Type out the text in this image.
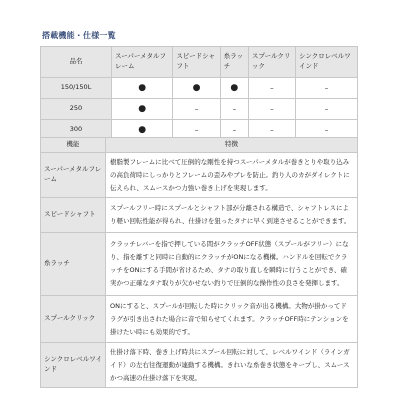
搭載機能・仕様一覧
品名	スーパーメタルフレーム	スピードシャフト	糸ラッチ	スプールクリック	シンクロレベルワインド
150/150L	●	●	●	–	–
250	●	–	–	–	–
300	●	–	–	–	–
機能	特徴
スーパーメタルフレーム	樹脂製フレームに比べて圧倒的な剛性を持つスーパーメタルが巻きとりや取り込みの高負荷時にしっかりとフレームの歪みやブレを防止。釣り人のカがダイレクトに伝えられ、スムースかつ力強い巻き上げを実現します。
スピードシャフト	スプールフリー時にスプールとシャフト部が分離される構造で、シャフトレスにより軽い回転性能が得られ、仕掛けを狙ったタナに早く到達させることができます。
糸ラッチ	クラッチレバーを指で押している間がクラッチOFF状態（スプールがフリー）になり、指を離すと同時に自動的にクラッチがONになる機構。ハンドルを回転でクラッチをONにする手間が省けるため、タナの取り直しを瞬時に行うことができ、確実かつ正確なタナ取りが欠かせない釣りで圧倒的な操作性の良さを発揮します。
スプールクリック	ONにすると、スプールが回転した時にクリック音が出る機構。大物が掛かってドラグが引き出された場合に音で知らせてくれます。クラッチOFF時にテンションを掛けたい時にも効果的です。
シンクロレベルワインド	仕掛け落下時、巻き上げ時共にスプール回転に対して、レベルワインド（ラインガイド）の左右往復運動が連動する機構。きれいな糸巻き状態をキープし、スムースかつ高速の仕掛け落下を実現。
